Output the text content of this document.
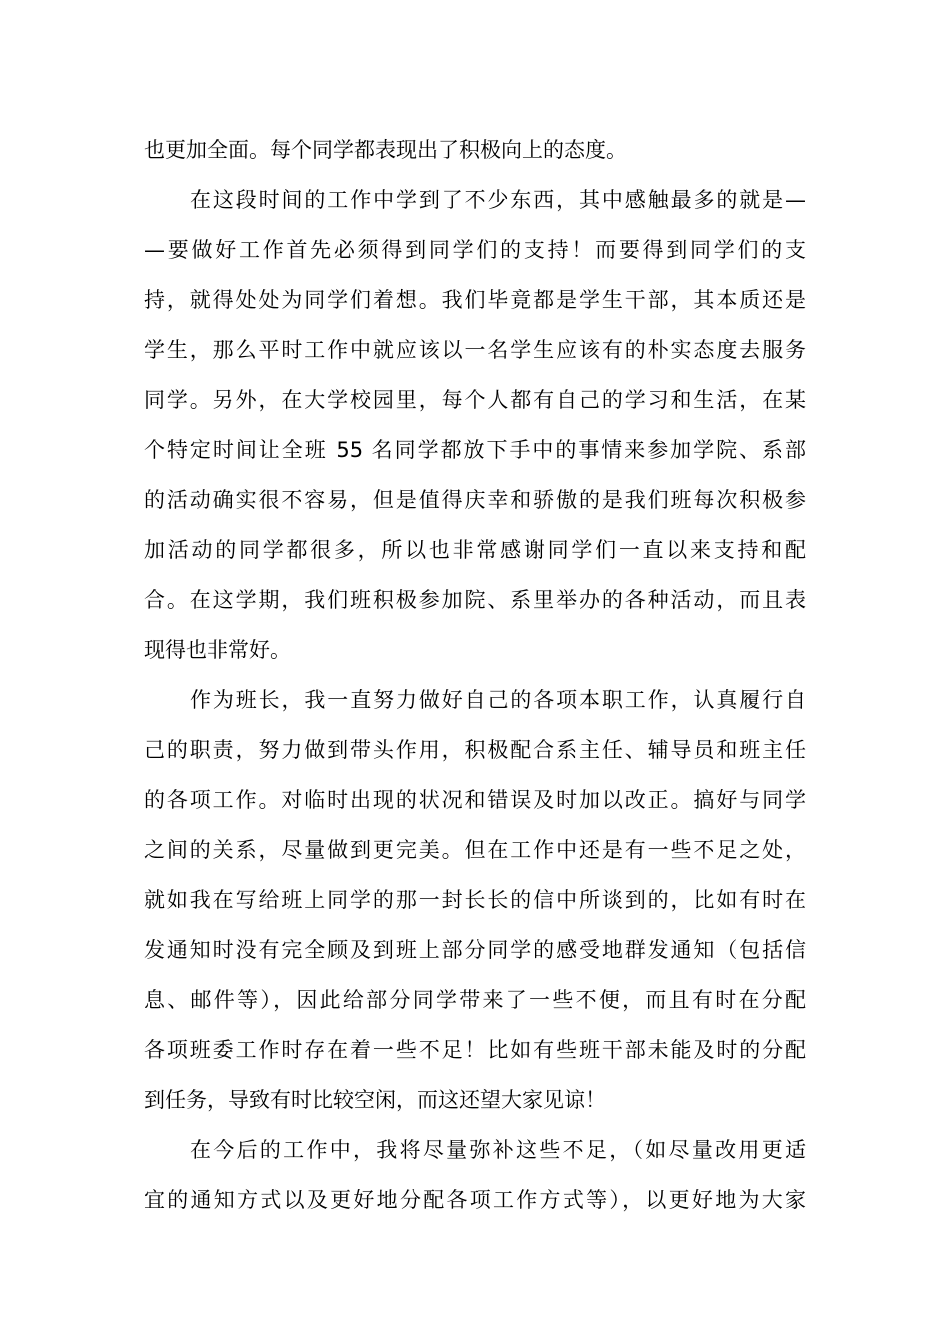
也更加全面。每个同学都表现出了积极向上的态度。
在这段时间的工作中学到了不少东西，其中感触最多的就是—
—要做好工作首先必须得到同学们的支持！而要得到同学们的支
持，就得处处为同学们着想。我们毕竟都是学生干部，其本质还是
学生，那么平时工作中就应该以一名学生应该有的朴实态度去服务
同学。另外，在大学校园里，每个人都有自己的学习和生活，在某
个特定时间让全班 55 名同学都放下手中的事情来参加学院、系部
的活动确实很不容易，但是值得庆幸和骄傲的是我们班每次积极参
加活动的同学都很多，所以也非常感谢同学们一直以来支持和配
合。在这学期，我们班积极参加院、系里举办的各种活动，而且表
现得也非常好。
作为班长，我一直努力做好自己的各项本职工作，认真履行自
己的职责，努力做到带头作用，积极配合系主任、辅导员和班主任
的各项工作。对临时出现的状况和错误及时加以改正。搞好与同学
之间的关系，尽量做到更完美。但在工作中还是有一些不足之处，
就如我在写给班上同学的那一封长长的信中所谈到的，比如有时在
发通知时没有完全顾及到班上部分同学的感受地群发通知（包括信
息、邮件等），因此给部分同学带来了一些不便，而且有时在分配
各项班委工作时存在着一些不足！比如有些班干部未能及时的分配
到任务，导致有时比较空闲，而这还望大家见谅！
在今后的工作中，我将尽量弥补这些不足，（如尽量改用更适
宜的通知方式以及更好地分配各项工作方式等），以更好地为大家
